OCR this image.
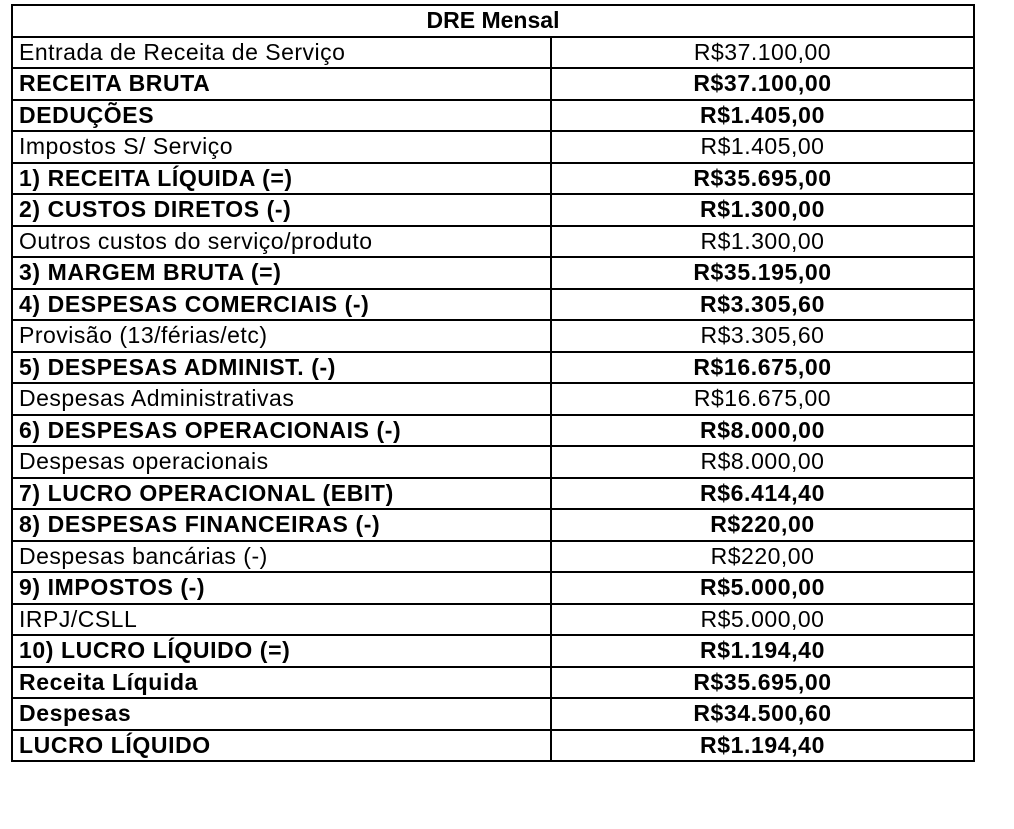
DRE Mensal	
Entrada de Receita de Serviço	R$37.100,00
RECEITA BRUTA	R$37.100,00
DEDUÇÕES	R$1.405,00
Impostos S/ Serviço	R$1.405,00
1) RECEITA LÍQUIDA (=)	R$35.695,00
2) CUSTOS DIRETOS (-)	R$1.300,00
Outros custos do serviço/produto	R$1.300,00
3) MARGEM BRUTA (=)	R$35.195,00
4) DESPESAS COMERCIAIS (-)	R$3.305,60
Provisão (13/férias/etc)	R$3.305,60
5) DESPESAS ADMINIST. (-)	R$16.675,00
Despesas Administrativas	R$16.675,00
6) DESPESAS OPERACIONAIS (-)	R$8.000,00
Despesas operacionais	R$8.000,00
7) LUCRO OPERACIONAL (EBIT)	R$6.414,40
8) DESPESAS FINANCEIRAS (-)	R$220,00
Despesas bancárias (-)	R$220,00
9) IMPOSTOS (-)	R$5.000,00
IRPJ/CSLL	R$5.000,00
10) LUCRO LÍQUIDO (=)	R$1.194,40
Receita Líquida	R$35.695,00
Despesas	R$34.500,60
LUCRO LÍQUIDO	R$1.194,40
